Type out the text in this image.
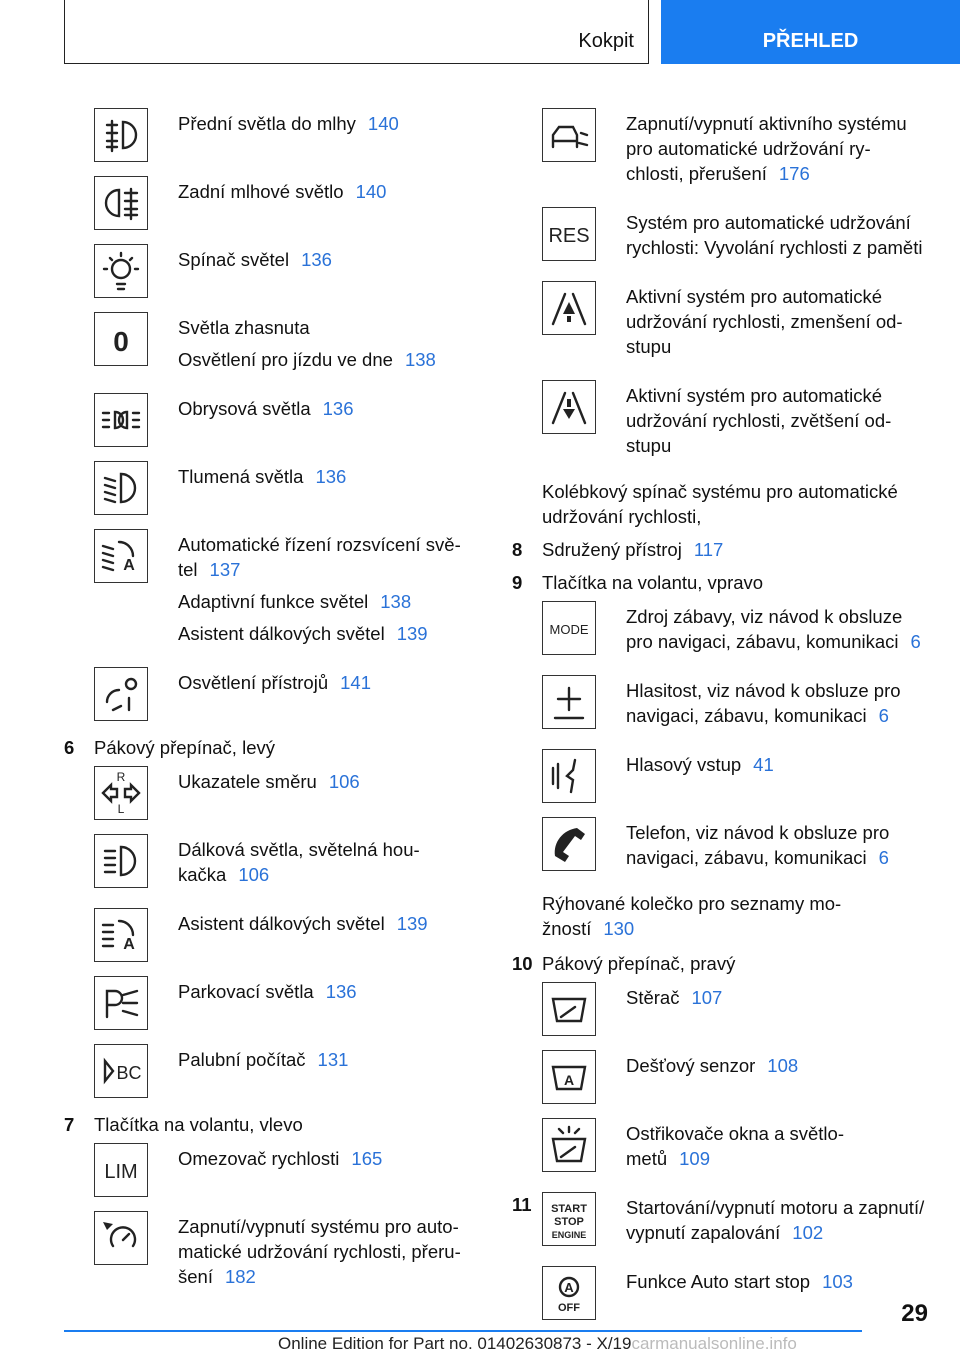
Kokpit	PŘEHLED

Přední světla do mlhy 140

Zadní mlhové světlo 140

Spínač světel 136

0	Světla zhasnuta

Osvětlení pro jízdu ve dne 138

Obrysová světla 136

Tlumená světla 136

A

Automatické řízení rozsvícení svě-
tel 137

Adaptivní funkce světel 138

Asistent dálkových světel 139

Osvětlení přístrojů 141

6	Pákový přepínač, levý
R
L

Ukazatele směru 106

Dálková světla, světelná hou-
kačka 106

A

Asistent dálkových světel 139

Parkovací světla 136

BC

Palubní počítač 131

7	Tlačítka na volantu, vlevo
LIM

Omezovač rychlosti 165

Zapnutí/vypnutí systému pro auto-
matické udržování rychlosti, přeru-
šení 182

Zapnutí/vypnutí aktivního systému
pro automatické udržování ry-
chlosti, přerušení 176

RES

Systém pro automatické udržování
rychlosti: Vyvolání rychlosti z paměti

Aktivní systém pro automatické
udržování rychlosti, zmenšení od-
stupu

Aktivní systém pro automatické
udržování rychlosti, zvětšení od-
stupu

Kolébkový spínač systému pro automatické
udržování rychlosti,

8	Sdružený přístroj 117
9	Tlačítka na volantu, vpravo
MODE

Zdroj zábavy, viz návod k obsluze
pro navigaci, zábavu, komunikaci 6

Hlasitost, viz návod k obsluze pro
navigaci, zábavu, komunikaci 6

Hlasový vstup 41

Telefon, viz návod k obsluze pro
navigaci, zábavu, komunikaci 6

Rýhované kolečko pro seznamy mo-
žností 130

10 Pákový přepínač, pravý

Stěrač 107

A

Dešťový senzor 108

Ostřikovače okna a světlo-
metů 109

11	START
STOP
ENGINE

Startování/vypnutí motoru a zapnutí/
vypnutí zapalování 102

A
OFF

Funkce Auto start stop 103

29
Online Edition for Part no. 01402630873 - X/19carmanualsonline.info
